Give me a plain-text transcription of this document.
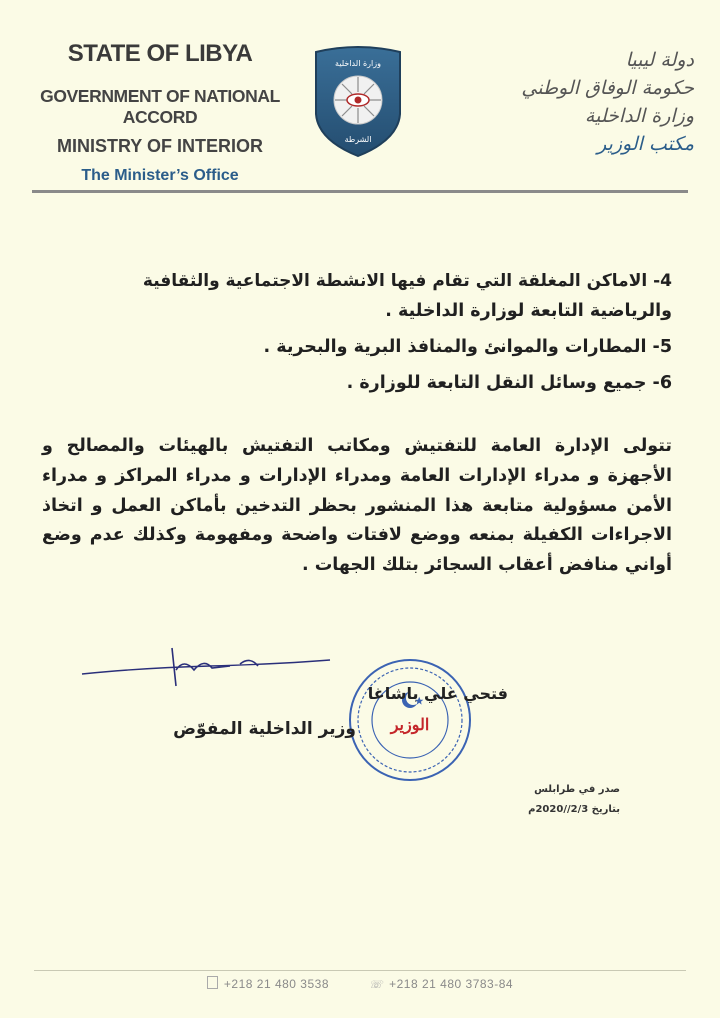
STATE OF LIBYA
GOVERNMENT OF NATIONAL ACCORD
MINISTRY OF INTERIOR
The Minister’s Office
وزارة الداخلية
الشرطة
دولة ليبيا
حكومة الوفاق الوطني
وزارة الداخلية
مكتب الوزير
4- الاماكن المغلقة التي تقام فيها الانشطة الاجتماعية والثقافية
والرياضية التابعة لوزارة الداخلية .
5- المطارات والموانئ والمنافذ البرية والبحرية .
6- جميع وسائل النقل التابعة للوزارة .
تتولى الإدارة العامة للتفتيش ومكاتب التفتيش بالهيئات والمصالح و الأجهزة و مدراء الإدارات العامة ومدراء الإدارات و مدراء المراكز و مدراء الأمن مسؤولية متابعة هذا المنشور بحظر التدخين بأماكن العمل و اتخاذ الاجراءات الكفيلة بمنعه ووضع لافتات واضحة ومفهومة وكذلك عدم وضع أواني منافض أعقاب السجائر بتلك الجهات .
الوزير
فتحي علي باشاغا
وزير الداخلية المفوّض
صدر في طرابلس
بتاريخ 2/3//2020م
+218 21 480 3538	☏ +218 21 480 3783-84
